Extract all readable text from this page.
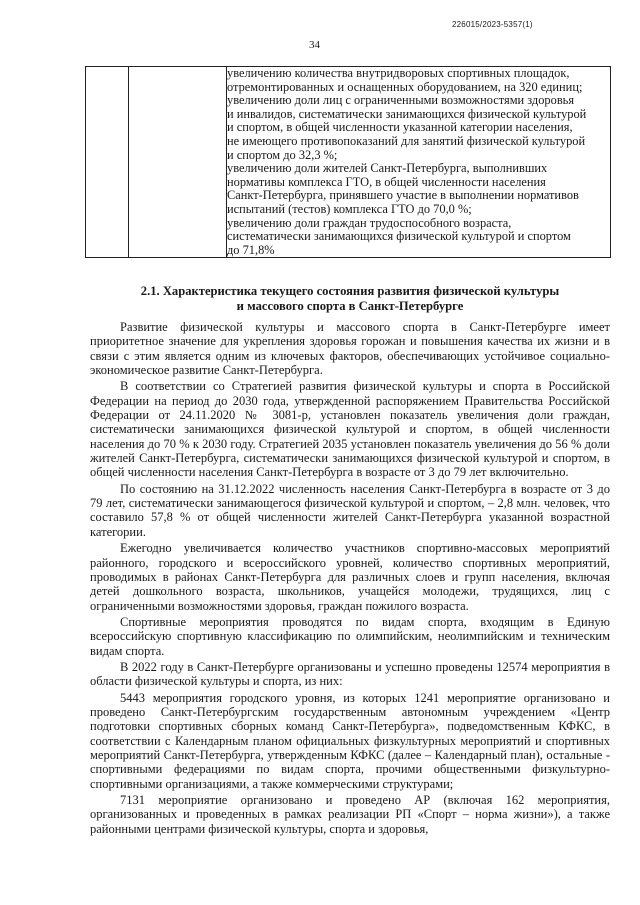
226015/2023-5357(1)
34

увеличению количества внутридворовых спортивных площадок,
отремонтированных и оснащенных оборудованием, на 320 единиц;
увеличению доли лиц с ограниченными возможностями здоровья
и инвалидов, систематически занимающихся физической культурой
и спортом, в общей численности указанной категории населения,
не имеющего противопоказаний для занятий физической культурой
и спортом до 32,3 %;
увеличению доли жителей Санкт-Петербурга, выполнивших
нормативы комплекса ГТО, в общей численности населения
Санкт-Петербурга, принявшего участие в выполнении нормативов
испытаний (тестов) комплекса ГТО до 70,0 %;
увеличению доли граждан трудоспособного возраста,
систематически занимающихся физической культурой и спортом
до 71,8%
2.1. Характеристика текущего состояния развития физической культуры
и массового спорта в Санкт-Петербурге

Развитие физической культуры и массового спорта в Санкт-Петербурге имеет приоритетное значение для укрепления здоровья горожан и повышения качества их жизни и в связи с этим является одним из ключевых факторов, обеспечивающих устойчивое социально-экономическое развитие Санкт-Петербурга.

В соответствии со Стратегией развития физической культуры и спорта в Российской Федерации на период до 2030 года, утвержденной распоряжением Правительства Российской Федерации от 24.11.2020 № 3081-р, установлен показатель увеличения доли граждан, систематически занимающихся физической культурой и спортом, в общей численности населения до 70 % к 2030 году. Стратегией 2035 установлен показатель увеличения до 56 % доли жителей Санкт-Петербурга, систематически занимающихся физической культурой и спортом, в общей численности населения Санкт-Петербурга в возрасте от 3 до 79 лет включительно.

По состоянию на 31.12.2022 численность населения Санкт-Петербурга в возрасте от 3 до 79 лет, систематически занимающегося физической культурой и спортом, – 2,8 млн. человек, что составило 57,8 % от общей численности жителей Санкт-Петербурга указанной возрастной категории.

Ежегодно увеличивается количество участников спортивно-массовых мероприятий районного, городского и всероссийского уровней, количество спортивных мероприятий, проводимых в районах Санкт-Петербурга для различных слоев и групп населения, включая детей дошкольного возраста, школьников, учащейся молодежи, трудящихся, лиц с ограниченными возможностями здоровья, граждан пожилого возраста.

Спортивные мероприятия проводятся по видам спорта, входящим в Единую всероссийскую спортивную классификацию по олимпийским, неолимпийским и техническим видам спорта.

В 2022 году в Санкт-Петербурге организованы и успешно проведены 12574 мероприятия в области физической культуры и спорта, из них:

5443 мероприятия городского уровня, из которых 1241 мероприятие организовано и проведено Санкт-Петербургским государственным автономным учреждением «Центр подготовки спортивных сборных команд Санкт-Петербурга», подведомственным КФКС, в соответствии с Календарным планом официальных физкультурных мероприятий и спортивных мероприятий Санкт-Петербурга, утвержденным КФКС (далее – Календарный план), остальные - спортивными федерациями по видам спорта, прочими общественными физкультурно-спортивными организациями, а также коммерческими структурами;

7131 мероприятие организовано и проведено АР (включая 162 мероприятия, организованных и проведенных в рамках реализации РП «Спорт – норма жизни»), а также районными центрами физической культуры, спорта и здоровья,
